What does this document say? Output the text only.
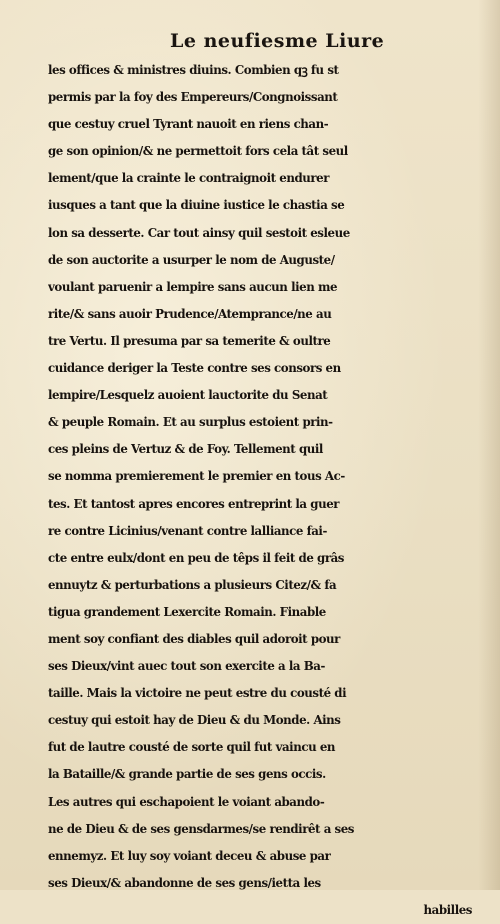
Le neufiesme Liure
les offices & ministres diuins. Combien qꝫ fu st
permis par la foy des Empereurs/Congnoissant
que cestuy cruel Tyrant nauoit en riens chan-
ge son opinion/& ne permettoit fors cela tât seul
lement/que la crainte le contraignoit endurer
iusques a tant que la diuine iustice le chastia se
lon sa desserte. Car tout ainsy quil sestoit esleue
de son auctorite a usurper le nom de Auguste/
voulant paruenir a lempire sans aucun lien me
rite/& sans auoir Prudence/Atemprance/ne au
tre Vertu. Il presuma par sa temerite & oultre
cuidance deriger la Teste contre ses consors en
lempire/Lesquelz auoient lauctorite du Senat
& peuple Romain. Et au surplus estoient prin-
ces pleins de Vertuz & de Foy. Tellement quil
se nomma premierement le premier en tous Ac-
tes. Et tantost apres encores entreprint la guer
re contre Licinius/venant contre lalliance fai-
cte entre eulx/dont en peu de têps il feit de grâs
ennuytz & perturbations a plusieurs Citez/& fa
tigua grandement Lexercite Romain. Finable
ment soy confiant des diables quil adoroit pour
ses Dieux/vint auec tout son exercite a la Ba-
taille. Mais la victoire ne peut estre du cousté di
cestuy qui estoit hay de Dieu & du Monde. Ains
fut de lautre cousté de sorte quil fut vaincu en
la Bataille/& grande partie de ses gens occis.
Les autres qui eschapoient le voiant abando-
ne de Dieu & de ses gensdarmes/se rendirêt a ses
ennemyz. Et luy soy voiant deceu & abuse par
ses Dieux/& abandonne de ses gens/ietta les
habilles
